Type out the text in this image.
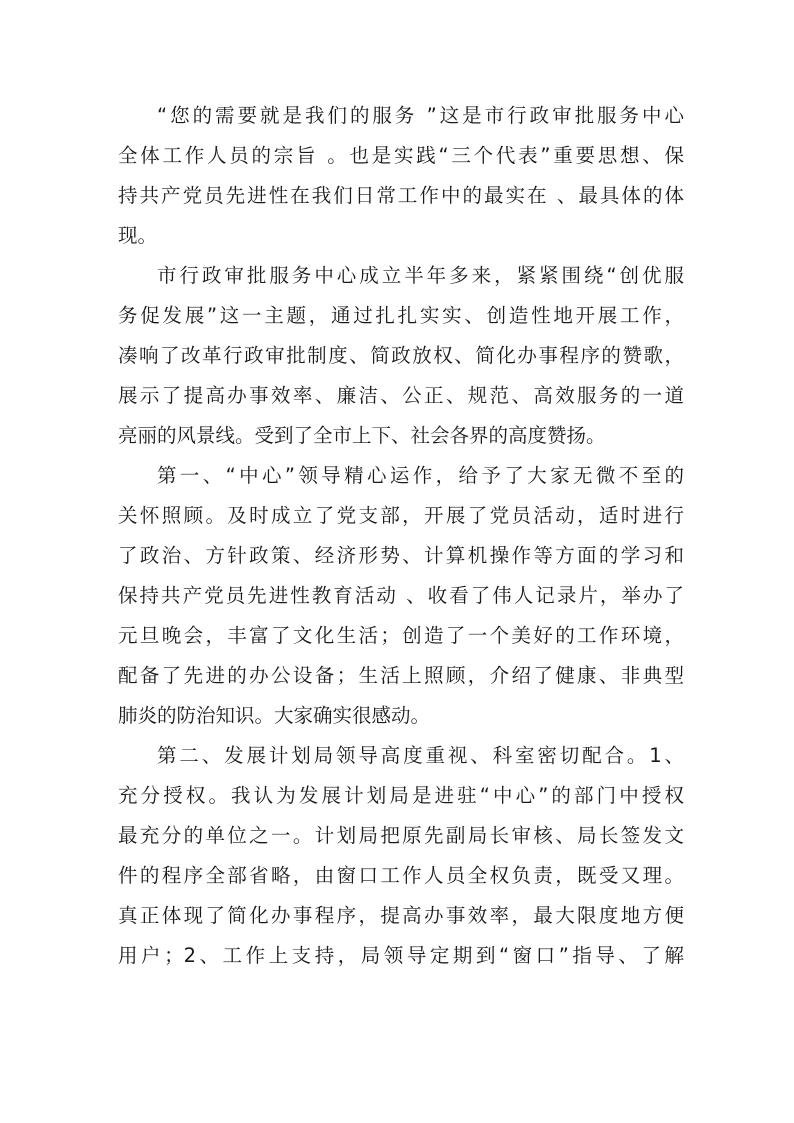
“您的需要就是我们的服务 ”这是市行政审批服务中心
全体工作人员的宗旨 。也是实践“三个代表”重要思想、保
持共产党员先进性在我们日常工作中的最实在 、最具体的体
现。
市行政审批服务中心成立半年多来，紧紧围绕“创优服
务促发展”这一主题，通过扎扎实实、创造性地开展工作，
凑响了改革行政审批制度、简政放权、简化办事程序的赞歌，
展示了提高办事效率、廉洁、公正、规范、高效服务的一道
亮丽的风景线。受到了全市上下、社会各界的高度赞扬。
第一、“中心”领导精心运作，给予了大家无微不至的
关怀照顾。及时成立了党支部，开展了党员活动，适时进行
了政治、方针政策、经济形势、计算机操作等方面的学习和
保持共产党员先进性教育活动 、收看了伟人记录片，举办了
元旦晚会，丰富了文化生活；创造了一个美好的工作环境，
配备了先进的办公设备；生活上照顾，介绍了健康、非典型
肺炎的防治知识。大家确实很感动。
第二、发展计划局领导高度重视、科室密切配合。1、
充分授权。我认为发展计划局是进驻“中心”的部门中授权
最充分的单位之一。计划局把原先副局长审核、局长签发文
件的程序全部省略，由窗口工作人员全权负责，既受又理。
真正体现了简化办事程序，提高办事效率，最大限度地方便
用户；2、工作上支持，局领导定期到“窗口”指导、了解
